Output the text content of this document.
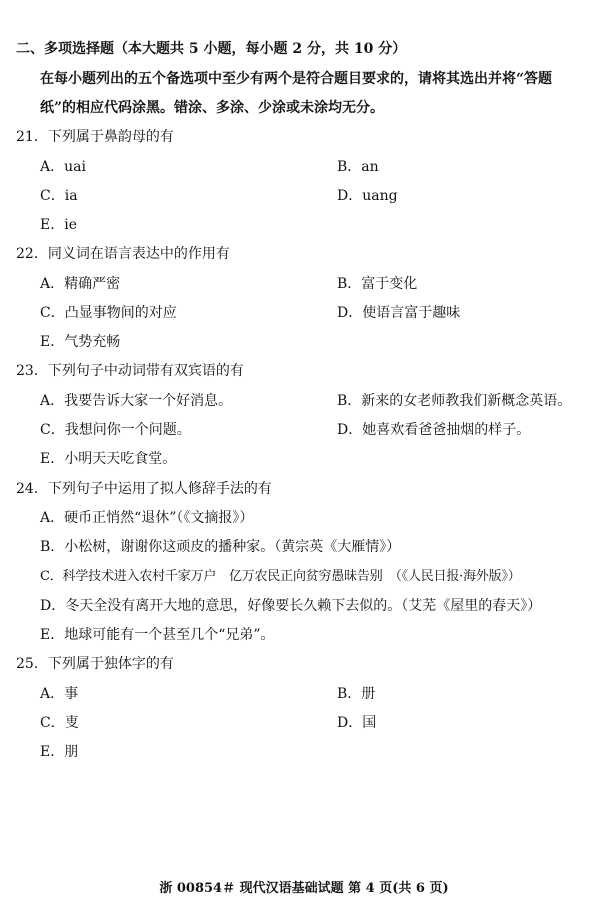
二、多项选择题（本大题共 5 小题，每小题 2 分，共 10 分）
在每小题列出的五个备选项中至少有两个是符合题目要求的，请将其选出并将“答题
纸”的相应代码涂黑。错涂、多涂、少涂或未涂均无分。
21．下列属于鼻韵母的有
A．uai	B．an
C．ia	D．uang
E．ie
22．同义词在语言表达中的作用有
A．精确严密	B．富于变化
C．凸显事物间的对应	D．使语言富于趣味
E．气势充畅
23．下列句子中动词带有双宾语的有
A．我要告诉大家一个好消息。	B．新来的女老师教我们新概念英语。
C．我想问你一个问题。	D．她喜欢看爸爸抽烟的样子。
E．小明天天吃食堂。
24．下列句子中运用了拟人修辞手法的有
A．硬币正悄然“退休”（《文摘报》）
B．小松树，谢谢你这顽皮的播种家。（黄宗英《大雁情》）
C．科学技术进入农村千家万户　亿万农民正向贫穷愚昧告别　（《人民日报·海外版》）
D．冬天全没有离开大地的意思，好像要长久赖下去似的。（艾芜《屋里的春天》）
E．地球可能有一个甚至几个“兄弟”。
25．下列属于独体字的有
A．事	B．册
C．叓	D．国
E．朋
浙 00854＃ 现代汉语基础试题 第 4 页(共 6 页)
